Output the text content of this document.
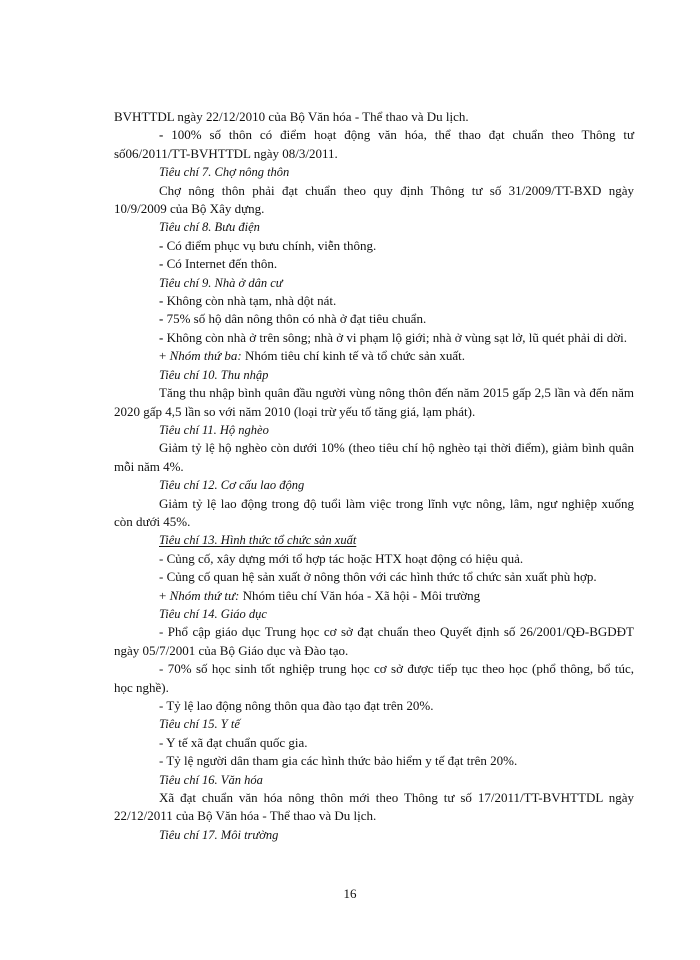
BVHTTDL ngày 22/12/2010 của Bộ Văn hóa - Thể thao và Du lịch.

- 100% số thôn có điểm hoạt động văn hóa, thể thao đạt chuẩn theo Thông tư số06/2011/TT-BVHTTDL ngày 08/3/2011.

Tiêu chí 7. Chợ nông thôn

Chợ nông thôn phải đạt chuẩn theo quy định Thông tư số 31/2009/TT-BXD ngày 10/9/2009 của Bộ Xây dựng.

Tiêu chí 8. Bưu điện

- Có điểm phục vụ bưu chính, viễn thông.

- Có Internet đến thôn.

Tiêu chí 9. Nhà ở dân cư

- Không còn nhà tạm, nhà dột nát.

- 75% số hộ dân nông thôn có nhà ở đạt tiêu chuẩn.

- Không còn nhà ở trên sông; nhà ở vi phạm lộ giới; nhà ở vùng sạt lở, lũ quét phải di dời.

+ Nhóm thứ ba: Nhóm tiêu chí kinh tế và tổ chức sản xuất.

Tiêu chí 10. Thu nhập

Tăng thu nhập bình quân đầu người vùng nông thôn đến năm 2015 gấp 2,5 lần và đến năm 2020 gấp 4,5 lần so với năm 2010 (loại trừ yếu tố tăng giá, lạm phát).

Tiêu chí 11. Hộ nghèo

Giảm tỷ lệ hộ nghèo còn dưới 10% (theo tiêu chí hộ nghèo tại thời điểm), giảm bình quân mỗi năm 4%.

Tiêu chí 12. Cơ cấu lao động

Giảm tỷ lệ lao động trong độ tuổi làm việc trong lĩnh vực nông, lâm, ngư nghiệp xuống còn dưới 45%.

Tiêu chí 13. Hình thức tổ chức sản xuất

- Củng cố, xây dựng mới tổ hợp tác hoặc HTX hoạt động có hiệu quả.

- Củng cố quan hệ sản xuất ở nông thôn với các hình thức tổ chức sản xuất phù hợp.

+ Nhóm thứ tư: Nhóm tiêu chí Văn hóa - Xã hội - Môi trường

Tiêu chí 14. Giáo dục

- Phổ cập giáo dục Trung học cơ sở đạt chuẩn theo Quyết định số 26/2001/QĐ-BGDĐT ngày 05/7/2001 của Bộ Giáo dục và Đào tạo.

- 70% số học sinh tốt nghiệp trung học cơ sở được tiếp tục theo học (phổ thông, bổ túc, học nghề).

- Tỷ lệ lao động nông thôn qua đào tạo đạt trên 20%.

Tiêu chí 15. Y tế

- Y tế xã đạt chuẩn quốc gia.

- Tỷ lệ người dân tham gia các hình thức bảo hiểm y tế đạt trên 20%.

Tiêu chí 16. Văn hóa

Xã đạt chuẩn văn hóa nông thôn mới theo Thông tư số 17/2011/TT-BVHTTDL ngày 22/12/2011 của Bộ Văn hóa - Thể thao và Du lịch.

Tiêu chí 17. Môi trường

16
